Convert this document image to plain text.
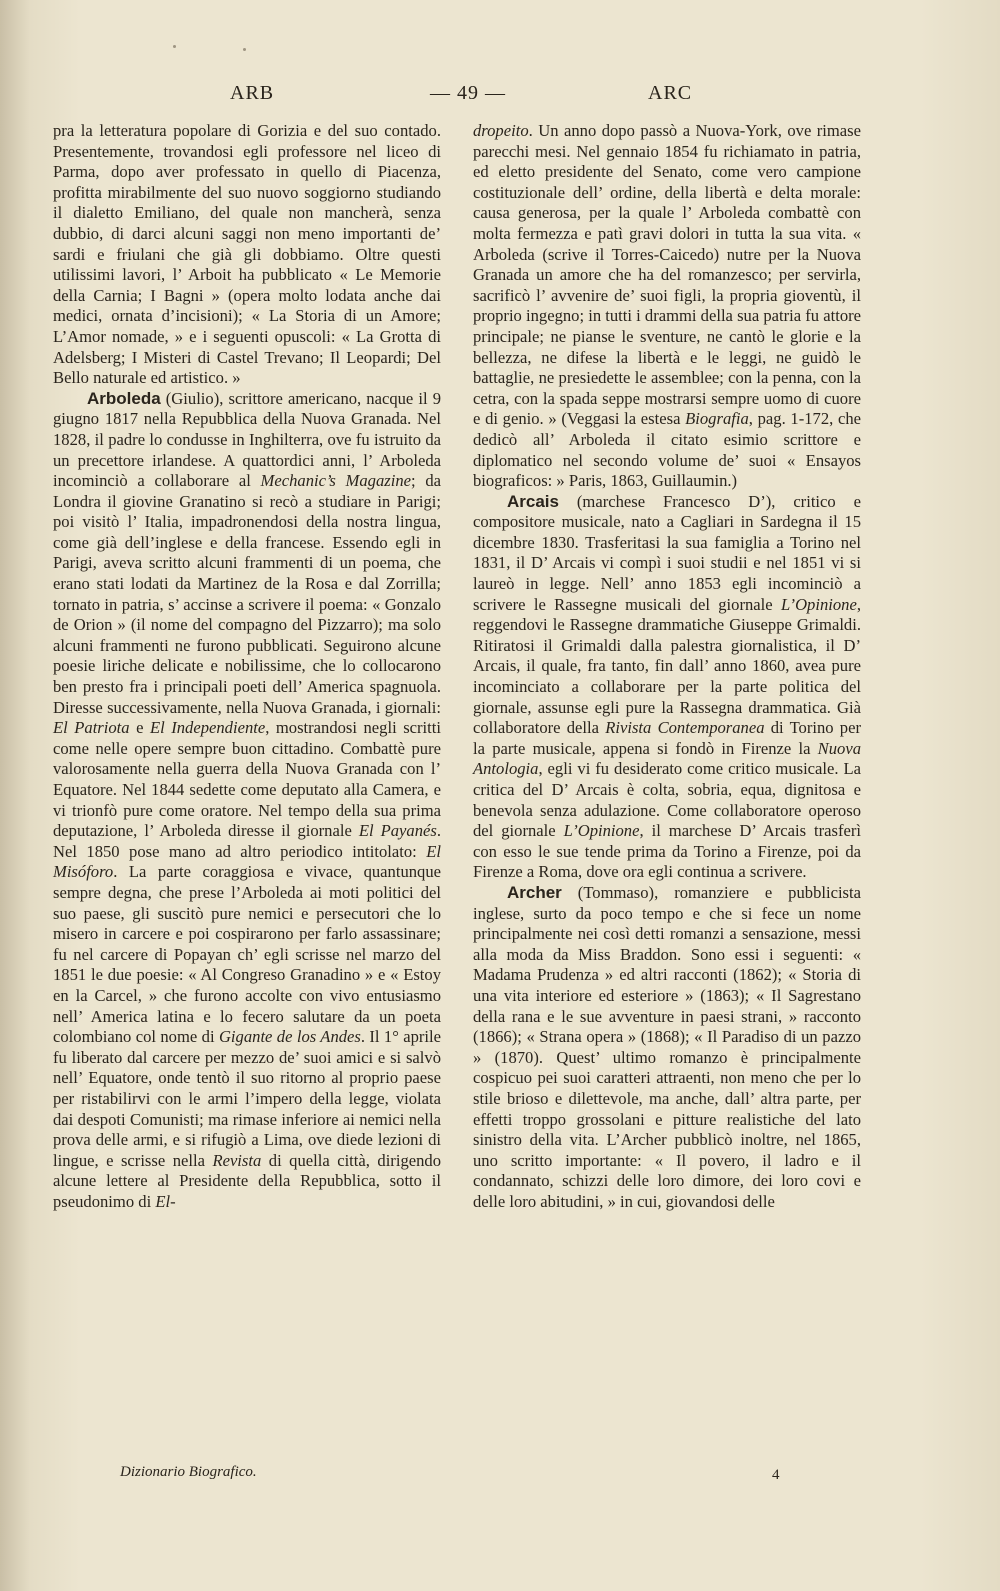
ARB	— 49 —	ARC

pra la letteratura popolare di Gorizia e del suo contado. Presentemente, trovandosi egli professore nel liceo di Parma, dopo aver professato in quello di Piacenza, profitta mirabilmente del suo nuovo soggiorno studiando il dialetto Emiliano, del quale non mancherà, senza dubbio, di darci alcuni saggi non meno importanti de’ sardi e friulani che già gli dobbiamo. Oltre questi utilissimi lavori, l’ Arboit ha pubblicato « Le Memorie della Carnia; I Bagni » (opera molto lodata anche dai medici, ornata d’incisioni); « La Storia di un Amore; L’Amor nomade, » e i seguenti opuscoli: « La Grotta di Adelsberg; I Misteri di Castel Trevano; Il Leopardi; Del Bello naturale ed artistico. »

Arboleda (Giulio), scrittore americano, nacque il 9 giugno 1817 nella Repubblica della Nuova Granada. Nel 1828, il padre lo condusse in Inghilterra, ove fu istruito da un precettore irlandese. A quattordici anni, l’ Arboleda incominciò a collaborare al Mechanic’s Magazine; da Londra il giovine Granatino si recò a studiare in Parigi; poi visitò l’ Italia, impadronendosi della nostra lingua, come già dell’inglese e della francese. Essendo egli in Parigi, aveva scritto alcuni frammenti di un poema, che erano stati lodati da Martinez de la Rosa e dal Zorrilla; tornato in patria, s’ accinse a scrivere il poema: « Gonzalo de Orion » (il nome del compagno del Pizzarro); ma solo alcuni frammenti ne furono pubblicati. Seguirono alcune poesie liriche delicate e nobilissime, che lo collocarono ben presto fra i principali poeti dell’ America spagnuola. Diresse successivamente, nella Nuova Granada, i giornali: El Patriota e El Independiente, mostrandosi negli scritti come nelle opere sempre buon cittadino. Combattè pure valorosamente nella guerra della Nuova Granada con l’ Equatore. Nel 1844 sedette come deputato alla Camera, e vi trionfò pure come oratore. Nel tempo della sua prima deputazione, l’ Arboleda diresse il giornale El Payanés. Nel 1850 pose mano ad altro periodico intitolato: El Misóforo. La parte coraggiosa e vivace, quantunque sempre degna, che prese l’Arboleda ai moti politici del suo paese, gli suscitò pure nemici e persecutori che lo misero in carcere e poi cospirarono per farlo assassinare; fu nel carcere di Popayan ch’ egli scrisse nel marzo del 1851 le due poesie: « Al Congreso Granadino » e « Estoy en la Carcel, » che furono accolte con vivo entusiasmo nell’ America latina e lo fecero salutare da un poeta colombiano col nome di Gigante de los Andes. Il 1° aprile fu liberato dal carcere per mezzo de’ suoi amici e si salvò nell’ Equatore, onde tentò il suo ritorno al proprio paese per ristabilirvi con le armi l’impero della legge, violata dai despoti Comunisti; ma rimase inferiore ai nemici nella prova delle armi, e si rifugiò a Lima, ove diede lezioni di lingue, e scrisse nella Revista di quella città, dirigendo alcune lettere al Presidente della Repubblica, sotto il pseudonimo di El-

dropeito. Un anno dopo passò a Nuova-York, ove rimase parecchi mesi. Nel gennaio 1854 fu richiamato in patria, ed eletto presidente del Senato, come vero campione costituzionale dell’ ordine, della libertà e delta morale: causa generosa, per la quale l’ Arboleda combattè con molta fermezza e patì gravi dolori in tutta la sua vita. « Arboleda (scrive il Torres-Caicedo) nutre per la Nuova Granada un amore che ha del romanzesco; per servirla, sacrificò l’ avvenire de’ suoi figli, la propria gioventù, il proprio ingegno; in tutti i drammi della sua patria fu attore principale; ne pianse le sventure, ne cantò le glorie e la bellezza, ne difese la libertà e le leggi, ne guidò le battaglie, ne presiedette le assemblee; con la penna, con la cetra, con la spada seppe mostrarsi sempre uomo di cuore e di genio. » (Veggasi la estesa Biografia, pag. 1-172, che dedicò all’ Arboleda il citato esimio scrittore e diplomatico nel secondo volume de’ suoi « Ensayos biograficos: » Paris, 1863, Guillaumin.)

Arcais (marchese Francesco D’), critico e compositore musicale, nato a Cagliari in Sardegna il 15 dicembre 1830. Trasferitasi la sua famiglia a Torino nel 1831, il D’ Arcais vi compì i suoi studii e nel 1851 vi si laureò in legge. Nell’ anno 1853 egli incominciò a scrivere le Rassegne musicali del giornale L’Opinione, reggendovi le Rassegne drammatiche Giuseppe Grimaldi. Ritiratosi il Grimaldi dalla palestra giornalistica, il D’ Arcais, il quale, fra tanto, fin dall’ anno 1860, avea pure incominciato a collaborare per la parte politica del giornale, assunse egli pure la Rassegna drammatica. Già collaboratore della Rivista Contemporanea di Torino per la parte musicale, appena si fondò in Firenze la Nuova Antologia, egli vi fu desiderato come critico musicale. La critica del D’ Arcais è colta, sobria, equa, dignitosa e benevola senza adulazione. Come collaboratore operoso del giornale L’Opinione, il marchese D’ Arcais trasferì con esso le sue tende prima da Torino a Firenze, poi da Firenze a Roma, dove ora egli continua a scrivere.

Archer (Tommaso), romanziere e pubblicista inglese, surto da poco tempo e che si fece un nome principalmente nei così detti romanzi a sensazione, messi alla moda da Miss Braddon. Sono essi i seguenti: « Madama Prudenza » ed altri racconti (1862); « Storia di una vita interiore ed esteriore » (1863); « Il Sagrestano della rana e le sue avventure in paesi strani, » racconto (1866); « Strana opera » (1868); « Il Paradiso di un pazzo » (1870). Quest’ ultimo romanzo è principalmente cospicuo pei suoi caratteri attraenti, non meno che per lo stile brioso e dilettevole, ma anche, dall’ altra parte, per effetti troppo grossolani e pitture realistiche del lato sinistro della vita. L’Archer pubblicò inoltre, nel 1865, uno scritto importante: « Il povero, il ladro e il condannato, schizzi delle loro dimore, dei loro covi e delle loro abitudini, » in cui, giovandosi delle

Dizionario Biografico.	4
